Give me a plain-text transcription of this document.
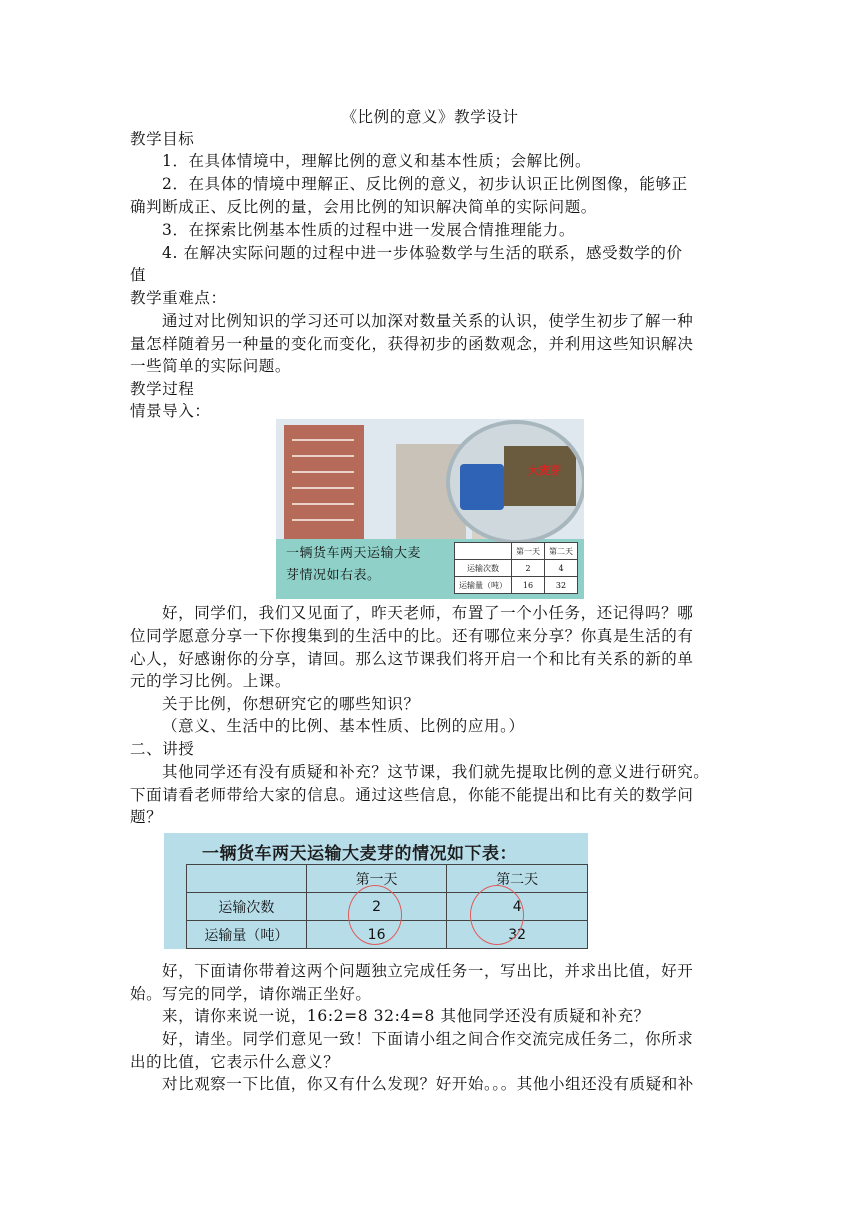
《比例的意义》教学设计
教学目标
1．在具体情境中，理解比例的意义和基本性质；会解比例。
2．在具体的情境中理解正、反比例的意义，初步认识正比例图像，能够正
确判断成正、反比例的量，会用比例的知识解决简单的实际问题。
3．在探索比例基本性质的过程中进一发展合情推理能力。
4. 在解决实际问题的过程中进一步体验数学与生活的联系，感受数学的价
值
教学重难点：
通过对比例知识的学习还可以加深对数量关系的认识，使学生初步了解一种
量怎样随着另一种量的变化而变化，获得初步的函数观念，并利用这些知识解决
一些简单的实际问题。
教学过程
情景导入：
大麦芽
一辆货车两天运输大麦
芽情况如右表。
	第一天	第二天
运输次数	2	4
运输量（吨）	16	32
好，同学们，我们又见面了，昨天老师，布置了一个小任务，还记得吗？哪
位同学愿意分享一下你搜集到的生活中的比。还有哪位来分享？你真是生活的有
心人，好感谢你的分享，请回。那么这节课我们将开启一个和比有关系的新的单
元的学习比例。上课。
关于比例，你想研究它的哪些知识？
（意义、生活中的比例、基本性质、比例的应用。）
二、讲授
其他同学还有没有质疑和补充？这节课，我们就先提取比例的意义进行研究。
下面请看老师带给大家的信息。通过这些信息，你能不能提出和比有关的数学问
题？
一辆货车两天运输大麦芽的情况如下表：
	第一天	第二天
运输次数	2	4
运输量（吨）	16	32
好，下面请你带着这两个问题独立完成任务一，写出比，并求出比值，好开
始。写完的同学，请你端正坐好。
来，请你来说一说，16:2=8 32:4=8 其他同学还没有质疑和补充？
好，请坐。同学们意见一致！下面请小组之间合作交流完成任务二，你所求
出的比值，它表示什么意义？
对比观察一下比值，你又有什么发现？好开始。。。其他小组还没有质疑和补
